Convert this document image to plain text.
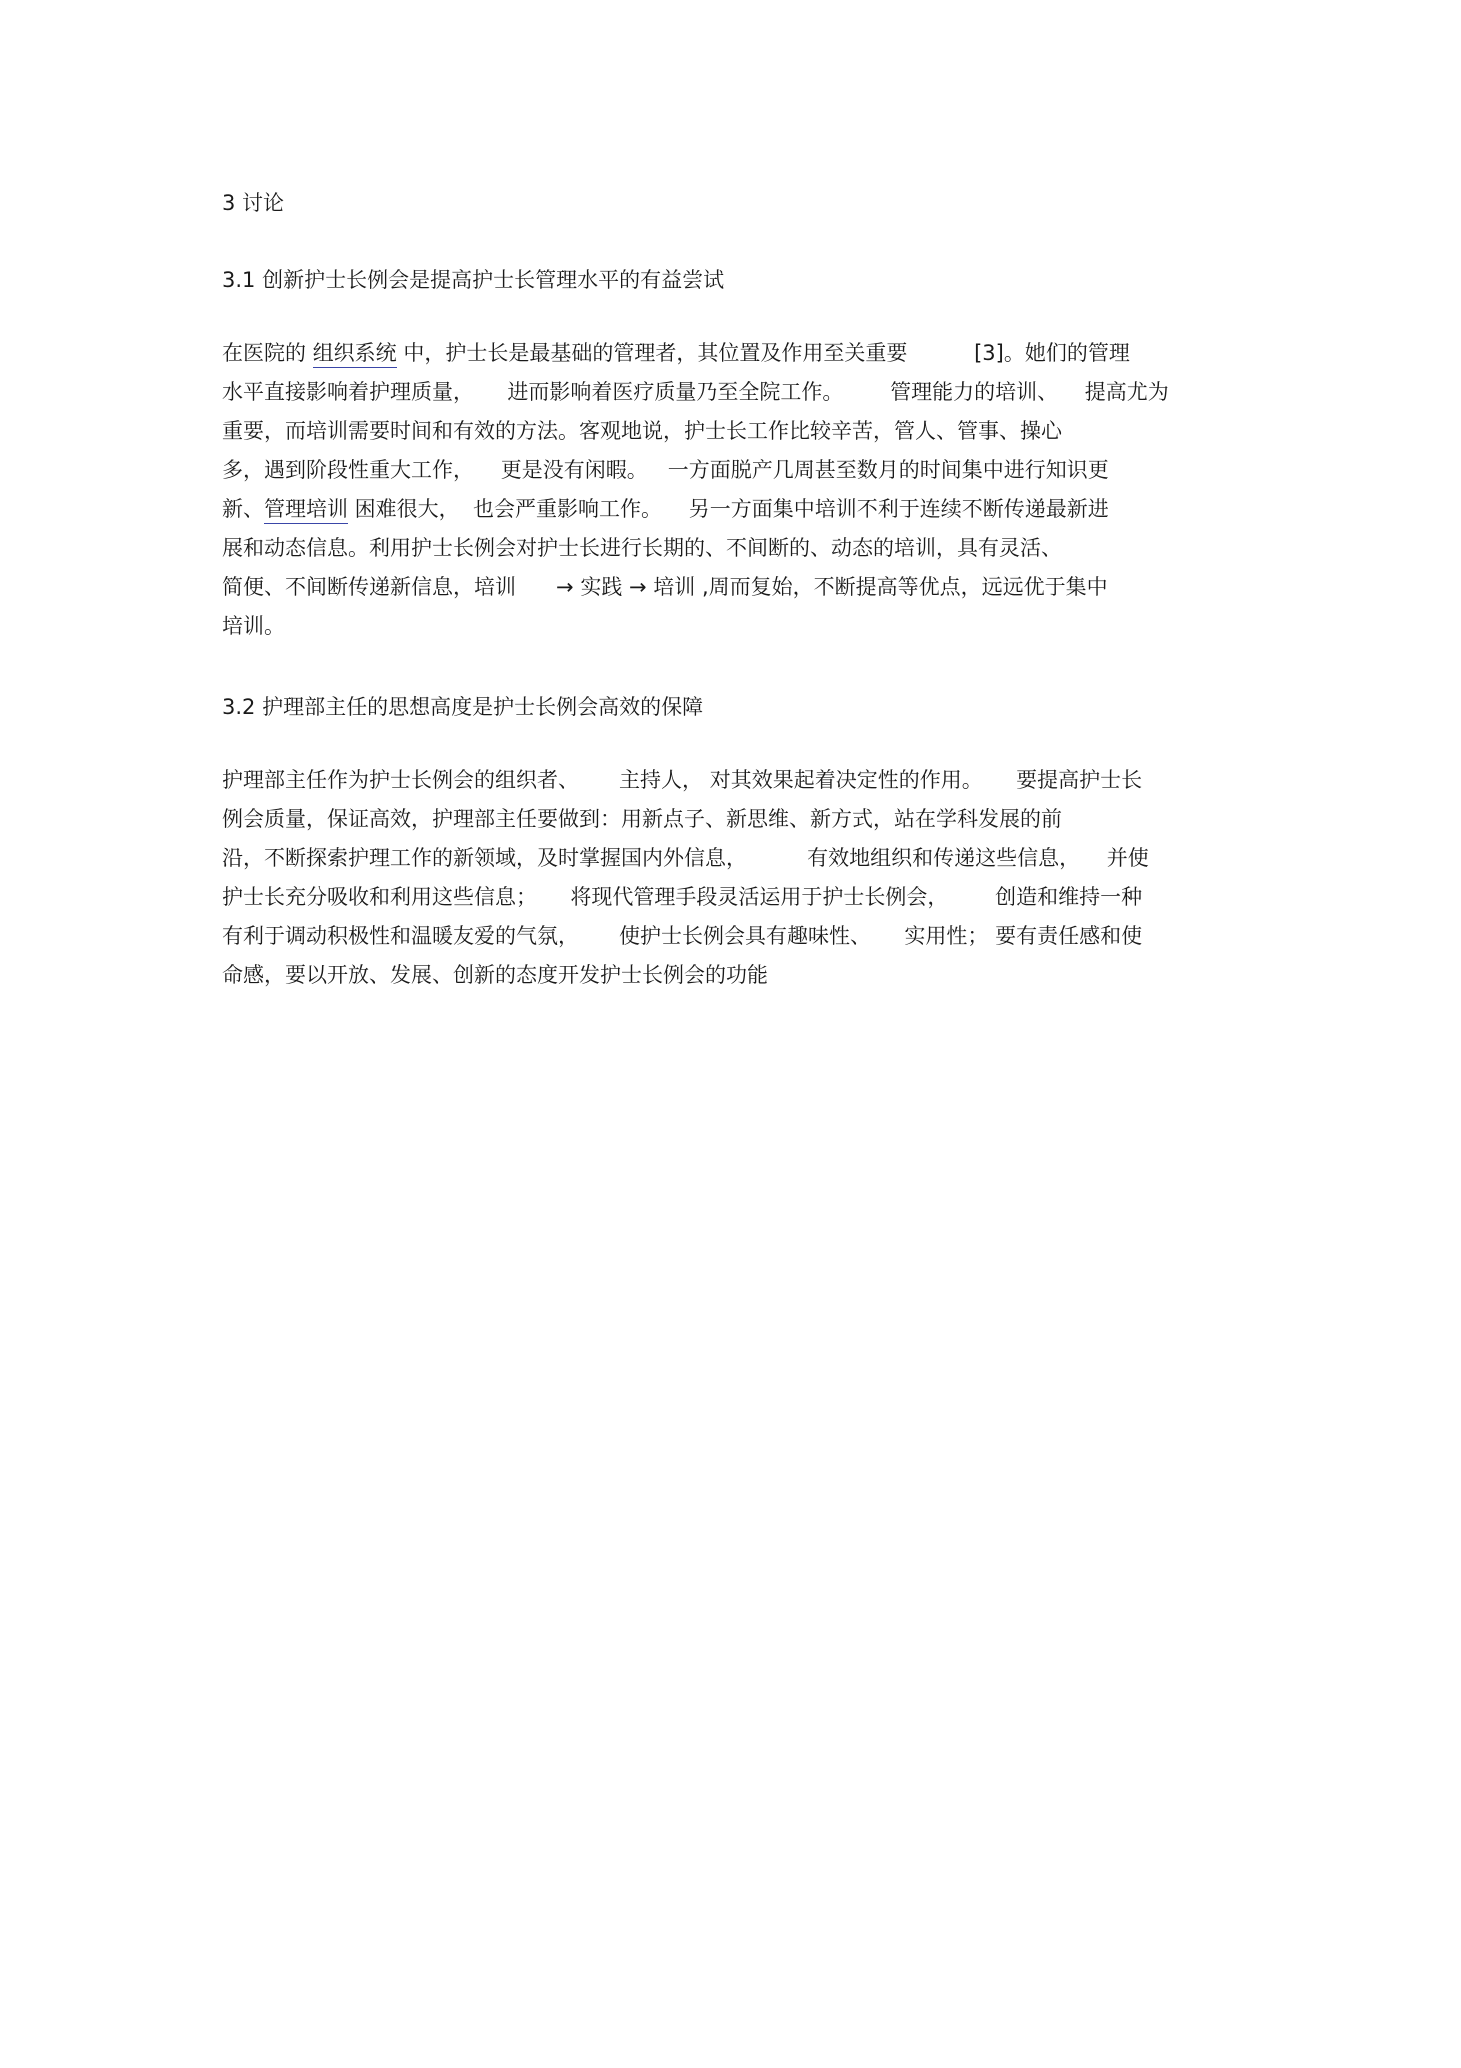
3 讨论

3.1 创新护士长例会是提高护士长管理水平的有益尝试

在医院的 组织系统 中，护士长是最基础的管理者，其位置及作用至关重要          [3]。她们的管理

水平直接影响着护理质量，     进而影响着医疗质量乃至全院工作。       管理能力的培训、    提高尤为

重要，而培训需要时间和有效的方法。客观地说，护士长工作比较辛苦，管人、管事、操心

多，遇到阶段性重大工作，    更是没有闲暇。   一方面脱产几周甚至数月的时间集中进行知识更

新、管理培训 困难很大，  也会严重影响工作。    另一方面集中培训不利于连续不断传递最新进

展和动态信息。利用护士长例会对护士长进行长期的、不间断的、动态的培训，具有灵活、

简便、不间断传递新信息，培训      → 实践 → 培训 ,周而复始，不断提高等优点，远远优于集中

培训。

3.2 护理部主任的思想高度是护士长例会高效的保障

护理部主任作为护士长例会的组织者、      主持人， 对其效果起着决定性的作用。     要提高护士长

例会质量，保证高效，护理部主任要做到：用新点子、新思维、新方式，站在学科发展的前

沿，不断探索护理工作的新领域，及时掌握国内外信息，         有效地组织和传递这些信息，    并使

护士长充分吸收和利用这些信息；     将现代管理手段灵活运用于护士长例会，       创造和维持一种

有利于调动积极性和温暖友爱的气氛，      使护士长例会具有趣味性、     实用性； 要有责任感和使

命感，要以开放、发展、创新的态度开发护士长例会的功能
